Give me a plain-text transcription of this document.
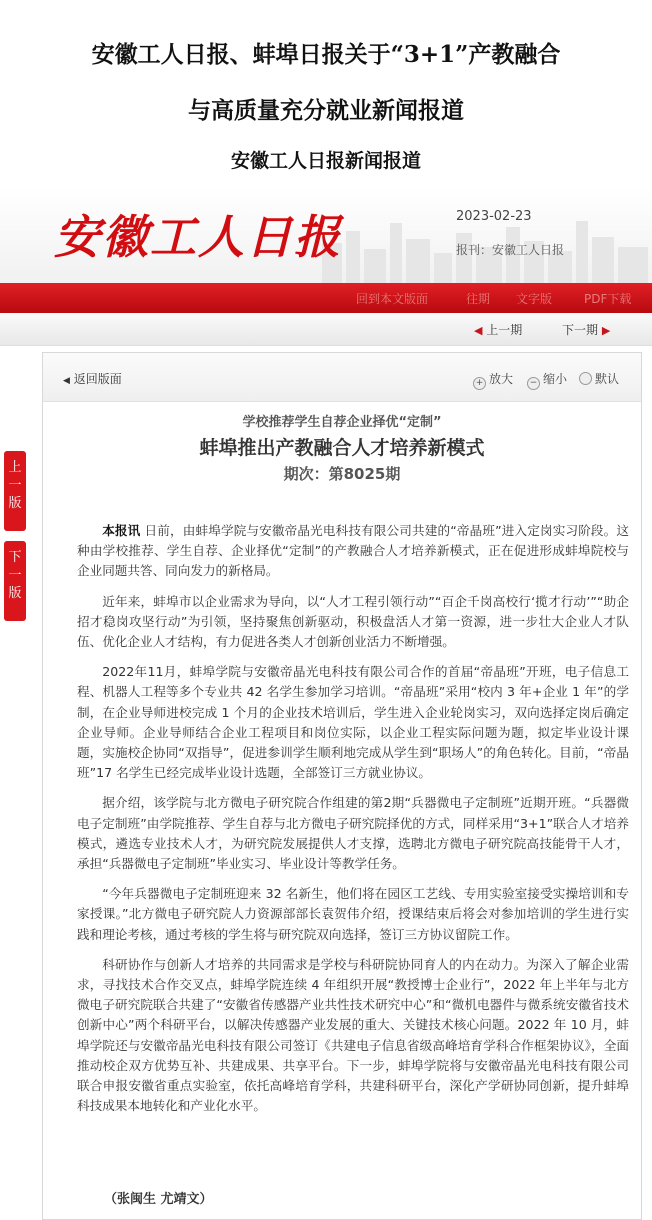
安徽工人日报、蚌埠日报关于“3+1”产教融合
与高质量充分就业新闻报道
安徽工人日报新闻报道
安徽工人日报	2023-02-23
报刊：安徽工人日报
回到本文版面	往期 文字版	PDF下载
◀ 上一期	下一期 ▶
上一版
下一版
◀ 返回版面	+ 放大	− 缩小	默认
学校推荐学生自荐企业择优“定制”
蚌埠推出产教融合人才培养新模式
期次：第8025期

本报讯 日前，由蚌埠学院与安徽帝晶光电科技有限公司共建的“帝晶班”进入定岗实习阶段。这种由学校推荐、学生自荐、企业择优“定制”的产教融合人才培养新模式，正在促进形成蚌埠院校与企业同题共答、同向发力的新格局。

近年来，蚌埠市以企业需求为导向，以“人才工程引领行动”“百企千岗高校行‘揽才行动’”“助企招才稳岗攻坚行动”为引领，坚持聚焦创新驱动，积极盘活人才第一资源，进一步壮大企业人才队伍、优化企业人才结构，有力促进各类人才创新创业活力不断增强。

2022年11月，蚌埠学院与安徽帝晶光电科技有限公司合作的首届“帝晶班”开班，电子信息工程、机器人工程等多个专业共 42 名学生参加学习培训。“帝晶班”采用“校内 3 年+企业 1 年”的学制，在企业导师进校完成 1 个月的企业技术培训后，学生进入企业轮岗实习，双向选择定岗后确定企业导师。企业导师结合企业工程项目和岗位实际，以企业工程实际问题为题，拟定毕业设计课题，实施校企协同“双指导”，促进参训学生顺利地完成从学生到“职场人”的角色转化。目前，“帝晶班”17 名学生已经完成毕业设计选题，全部签订三方就业协议。

据介绍，该学院与北方微电子研究院合作组建的第2期“兵器微电子定制班”近期开班。“兵器微电子定制班”由学院推荐、学生自荐与北方微电子研究院择优的方式，同样采用“3+1”联合人才培养模式，遴选专业技术人才，为研究院发展提供人才支撑，选聘北方微电子研究院高技能骨干人才，承担“兵器微电子定制班”毕业实习、毕业设计等教学任务。

“今年兵器微电子定制班迎来 32 名新生，他们将在园区工艺线、专用实验室接受实操培训和专家授课。”北方微电子研究院人力资源部部长袁贺伟介绍，授课结束后将会对参加培训的学生进行实践和理论考核，通过考核的学生将与研究院双向选择，签订三方协议留院工作。

科研协作与创新人才培养的共同需求是学校与科研院协同育人的内在动力。为深入了解企业需求，寻找技术合作交叉点，蚌埠学院连续 4 年组织开展“教授博士企业行”，2022 年上半年与北方微电子研究院联合共建了“安徽省传感器产业共性技术研究中心”和“微机电器件与微系统安徽省技术创新中心”两个科研平台，以解决传感器产业发展的重大、关键技术核心问题。2022 年 10 月，蚌埠学院还与安徽帝晶光电科技有限公司签订《共建电子信息省级高峰培育学科合作框架协议》，全面推动校企双方优势互补、共建成果、共享平台。下一步，蚌埠学院将与安徽帝晶光电科技有限公司联合申报安徽省重点实验室，依托高峰培育学科，共建科研平台，深化产学研协同创新，提升蚌埠科技成果本地转化和产业化水平。

（张闽生 尤靖文）
